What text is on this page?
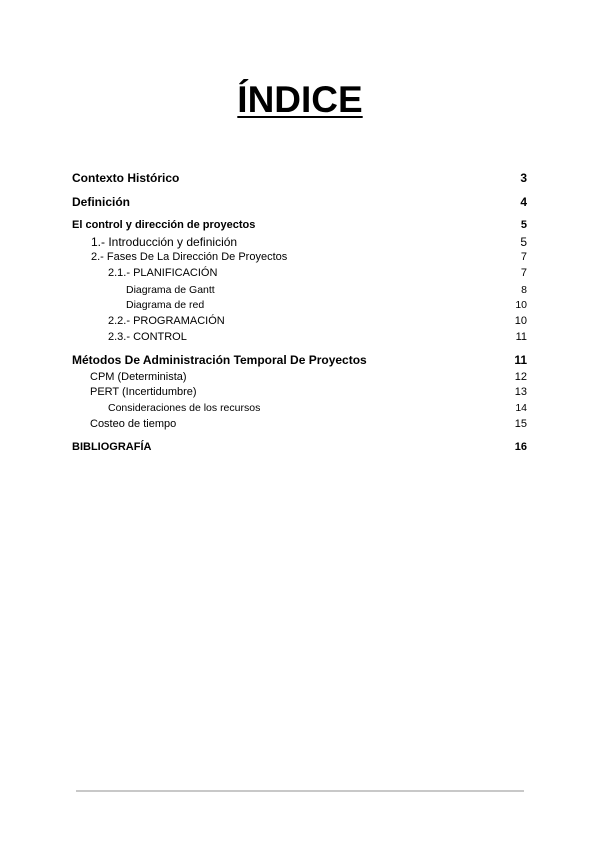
ÍNDICE
Contexto Histórico	3
Definición	4
El control y dirección de proyectos	5
1.- Introducción y definición	5
2.- Fases De La Dirección De Proyectos	7
2.1.- PLANIFICACIÓN	7
Diagrama de Gantt	8
Diagrama de red	10
2.2.- PROGRAMACIÓN	10
2.3.- CONTROL	11
Métodos De Administración Temporal De Proyectos	11
CPM (Determinista)	12
PERT (Incertidumbre)	13
Consideraciones de los recursos	14
Costeo de tiempo	15
BIBLIOGRAFÍA	16
